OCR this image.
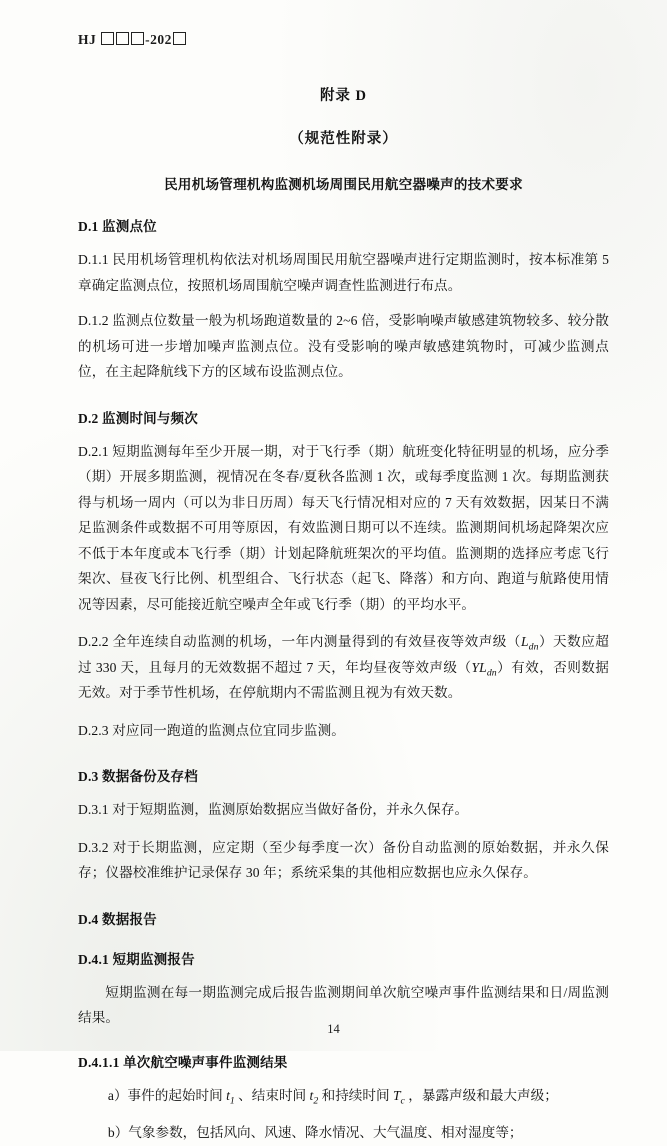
HJ	-202
附录 D
（规范性附录）
民用机场管理机构监测机场周围民用航空器噪声的技术要求
D.1 监测点位

D.1.1 民用机场管理机构依法对机场周围民用航空器噪声进行定期监测时，按本标准第 5 章确定监测点位，按照机场周围航空噪声调查性监测进行布点。

D.1.2 监测点位数量一般为机场跑道数量的 2~6 倍，受影响噪声敏感建筑物较多、较分散的机场可进一步增加噪声监测点位。没有受影响的噪声敏感建筑物时，可减少监测点位，在主起降航线下方的区域布设监测点位。

D.2 监测时间与频次

D.2.1 短期监测每年至少开展一期，对于飞行季（期）航班变化特征明显的机场，应分季（期）开展多期监测，视情况在冬春/夏秋各监测 1 次，或每季度监测 1 次。每期监测获得与机场一周内（可以为非日历周）每天飞行情况相对应的 7 天有效数据，因某日不满足监测条件或数据不可用等原因，有效监测日期可以不连续。监测期间机场起降架次应不低于本年度或本飞行季（期）计划起降航班架次的平均值。监测期的选择应考虑飞行架次、昼夜飞行比例、机型组合、飞行状态（起飞、降落）和方向、跑道与航路使用情况等因素，尽可能接近航空噪声全年或飞行季（期）的平均水平。

D.2.2 全年连续自动监测的机场，一年内测量得到的有效昼夜等效声级$(L_{dn})$天数应超过 330 天，且每月的无效数据不超过 7 天，年均昼夜等效声级$(YL_{dn})$有效，否则数据无效。对于季节性机场，在停航期内不需监测且视为有效天数。

D.2.3 对应同一跑道的监测点位宜同步监测。

D.3 数据备份及存档

D.3.1 对于短期监测，监测原始数据应当做好备份，并永久保存。

D.3.2 对于长期监测，应定期（至少每季度一次）备份自动监测的原始数据，并永久保存；仪器校准维护记录保存 30 年；系统采集的其他相应数据也应永久保存。

D.4 数据报告
D.4.1 短期监测报告

短期监测在每一期监测完成后报告监测期间单次航空噪声事件监测结果和日/周监测结果。

D.4.1.1 单次航空噪声事件监测结果

a）事件的起始时间 $t_1$ 、结束时间 $t_2$ 和持续时间 $T_c$ ，暴露声级和最大声级；

b）气象参数，包括风向、风速、降水情况、大气温度、相对湿度等；

14
